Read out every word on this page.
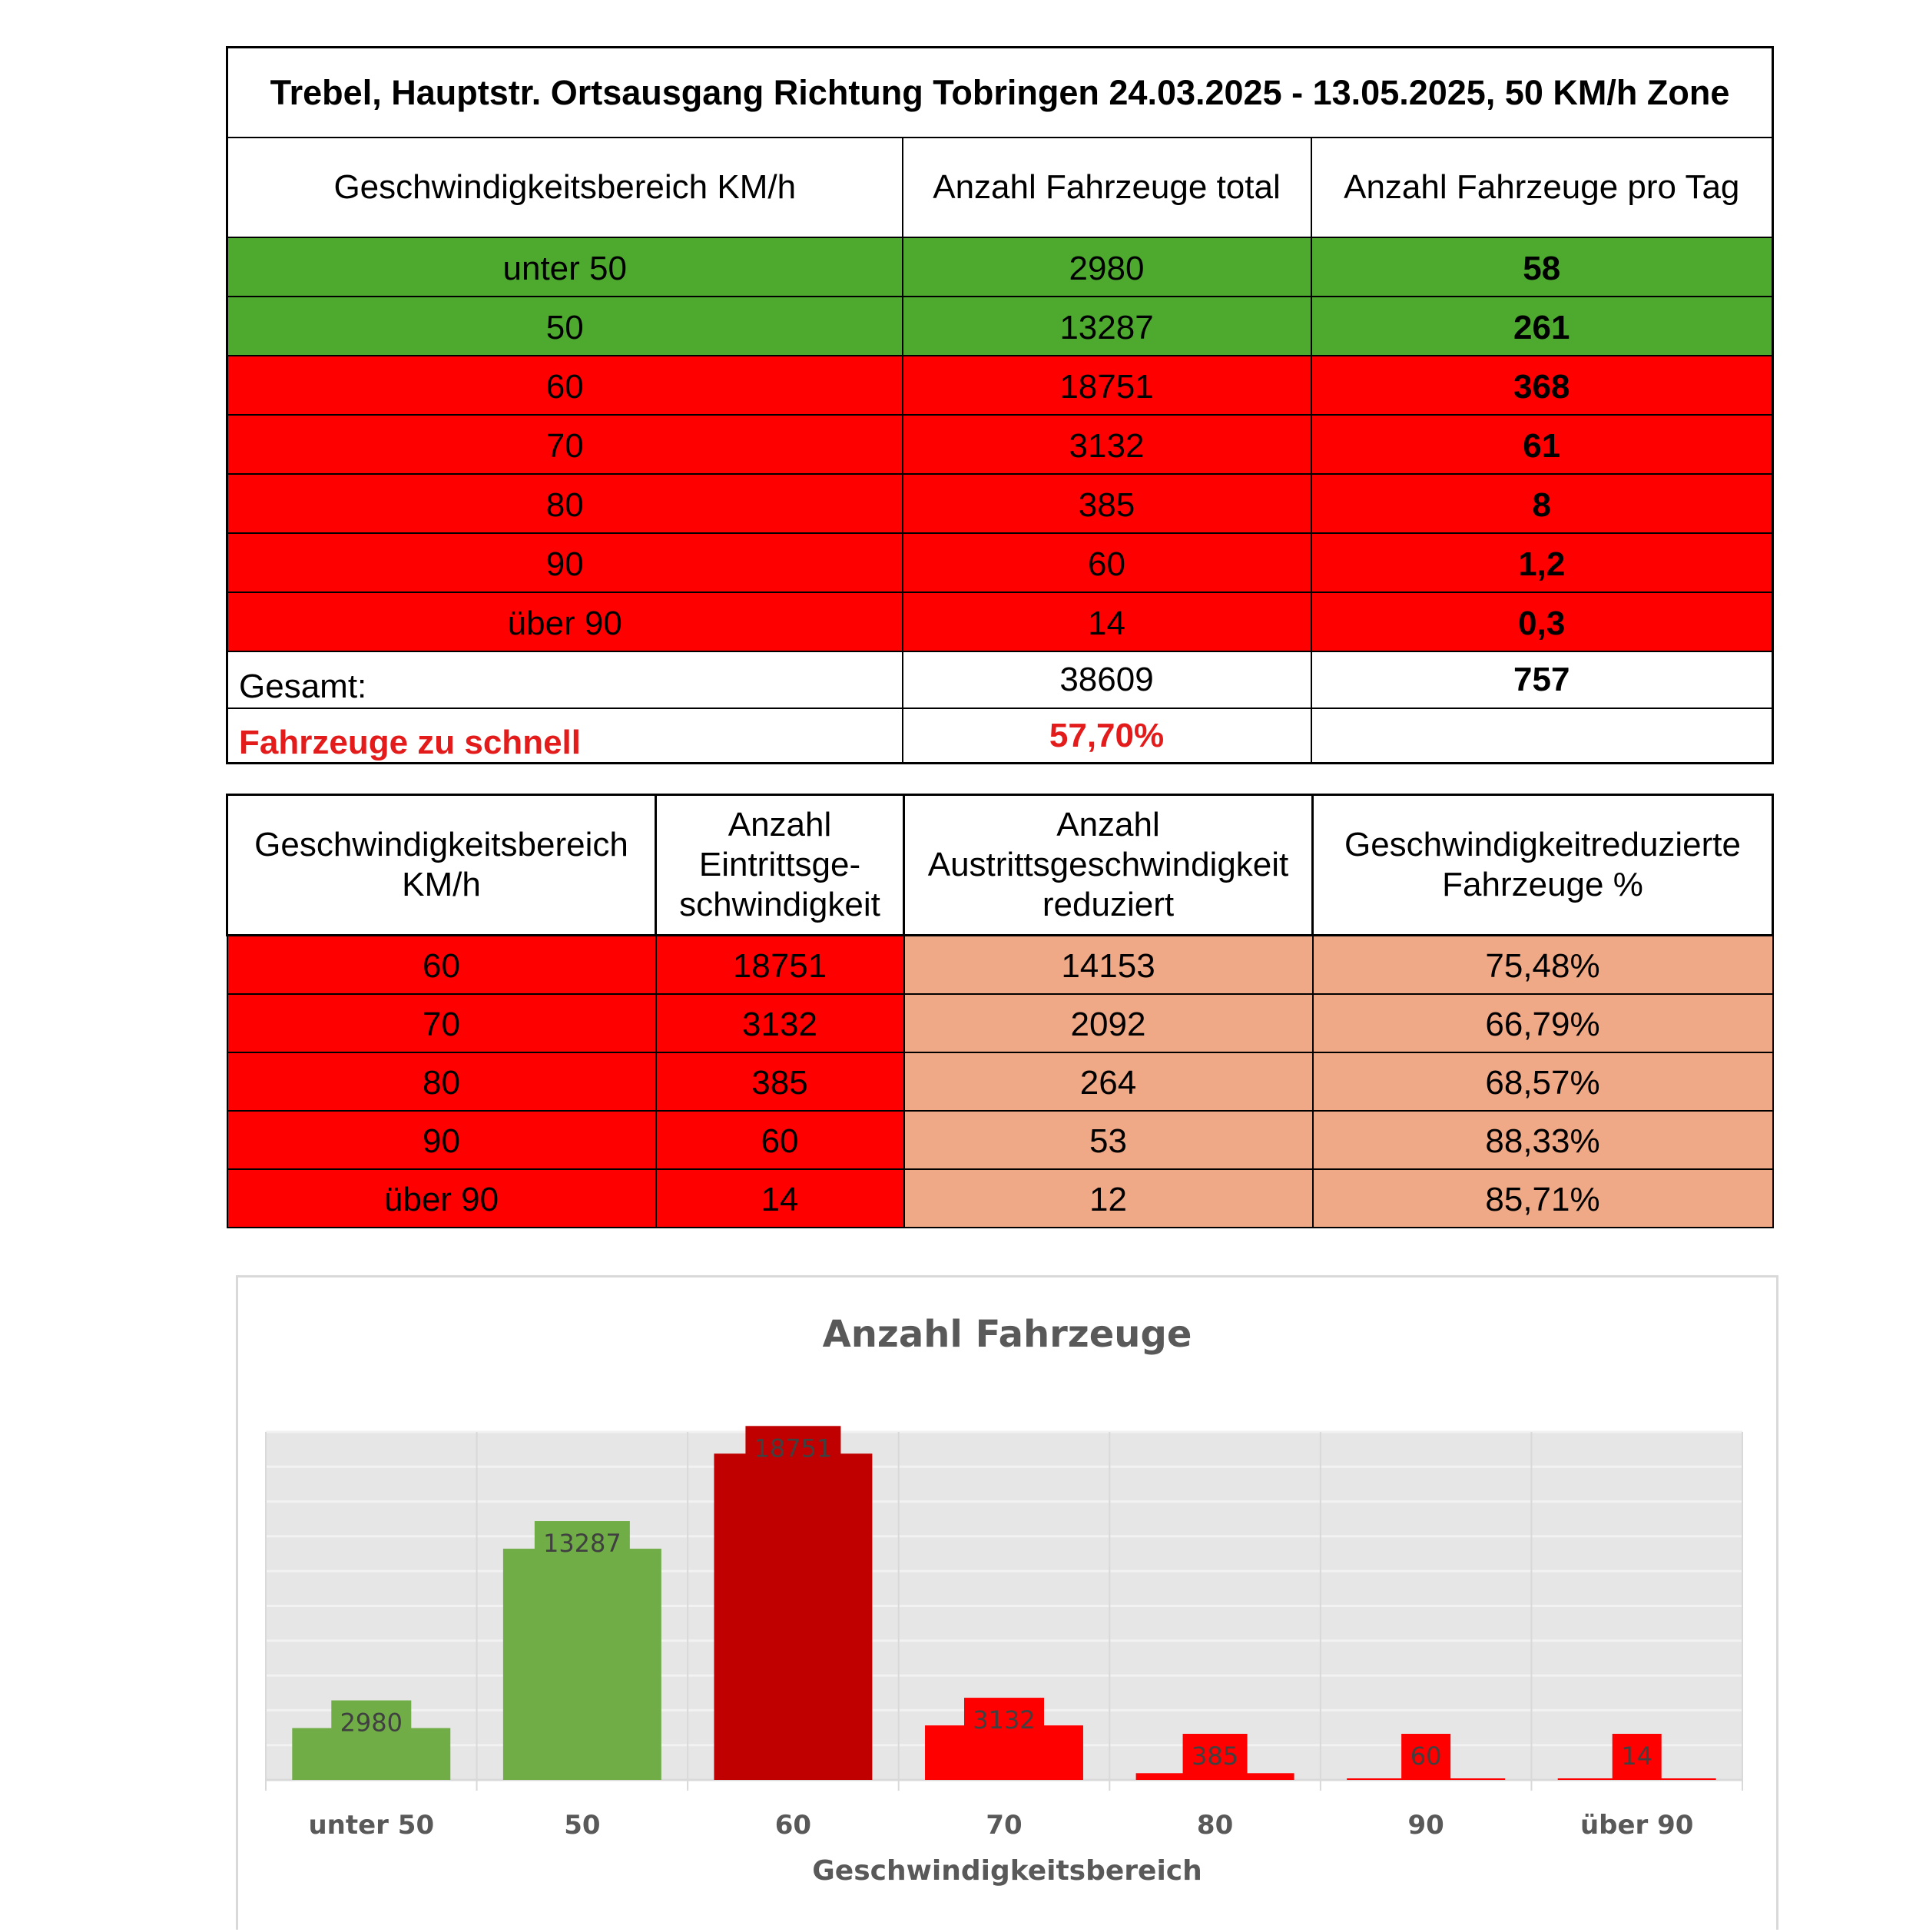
Trebel, Hauptstr. Ortsausgang Richtung Tobringen 24.03.2025 - 13.05.2025, 50 KM/h Zone		
Geschwindigkeitsbereich KM/h	Anzahl Fahrzeuge total	Anzahl Fahrzeuge pro Tag
unter 50	2980	58
50	13287	261
60	18751	368
70	3132	61
80	385	8
90	60	1,2
über 90	14	0,3
Gesamt:	38609	757
Fahrzeuge zu schnell	57,70%	
Geschwindigkeitsbereich KM/h	Anzahl Eintrittsge-schwindigkeit	Anzahl Austrittsgeschwindigkeit reduziert	Geschwindigkeitreduzierte Fahrzeuge %
60	18751	14153	75,48%
70	3132	2092	66,79%
80	385	264	68,57%
90	60	53	88,33%
über 90	14	12	85,71%
Anzahl Fahrzeuge
2980
unter 50
13287
50
18751
60
3132
70
385
80
60
90
14
über 90
Geschwindigkeitsbereich
